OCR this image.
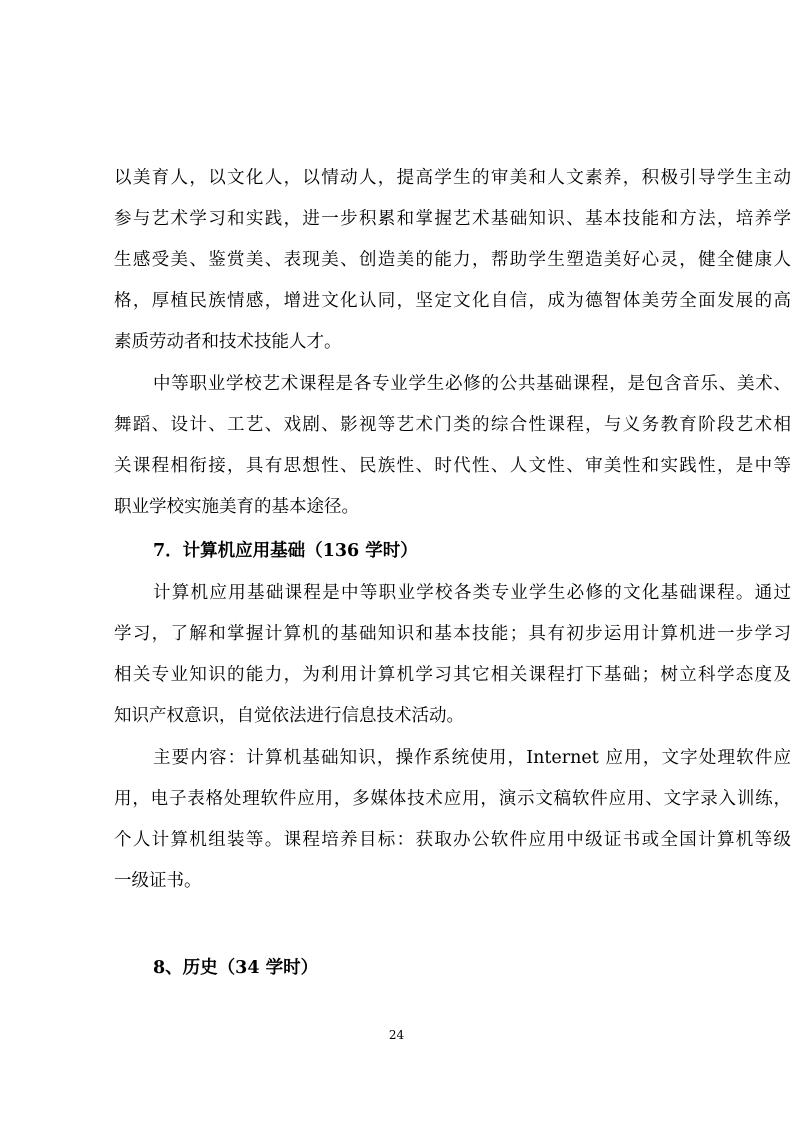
以美育人，以文化人，以情动人，提高学生的审美和人文素养，积极引导学生主动
参与艺术学习和实践，进一步积累和掌握艺术基础知识、基本技能和方法，培养学
生感受美、鉴赏美、表现美、创造美的能力，帮助学生塑造美好心灵，健全健康人
格，厚植民族情感，增进文化认同，坚定文化自信，成为德智体美劳全面发展的高
素质劳动者和技术技能人才。
中等职业学校艺术课程是各专业学生必修的公共基础课程，是包含音乐、美术、
舞蹈、设计、工艺、戏剧、影视等艺术门类的综合性课程，与义务教育阶段艺术相
关课程相衔接，具有思想性、民族性、时代性、人文性、审美性和实践性，是中等
职业学校实施美育的基本途径。
7．计算机应用基础（136 学时）
计算机应用基础课程是中等职业学校各类专业学生必修的文化基础课程。通过
学习，了解和掌握计算机的基础知识和基本技能；具有初步运用计算机进一步学习
相关专业知识的能力，为利用计算机学习其它相关课程打下基础；树立科学态度及
知识产权意识，自觉依法进行信息技术活动。
主要内容：计算机基础知识，操作系统使用，Internet 应用，文字处理软件应
用，电子表格处理软件应用，多媒体技术应用，演示文稿软件应用、文字录入训练，
个人计算机组装等。课程培养目标：获取办公软件应用中级证书或全国计算机等级
一级证书。
8、历史（34 学时）
24
